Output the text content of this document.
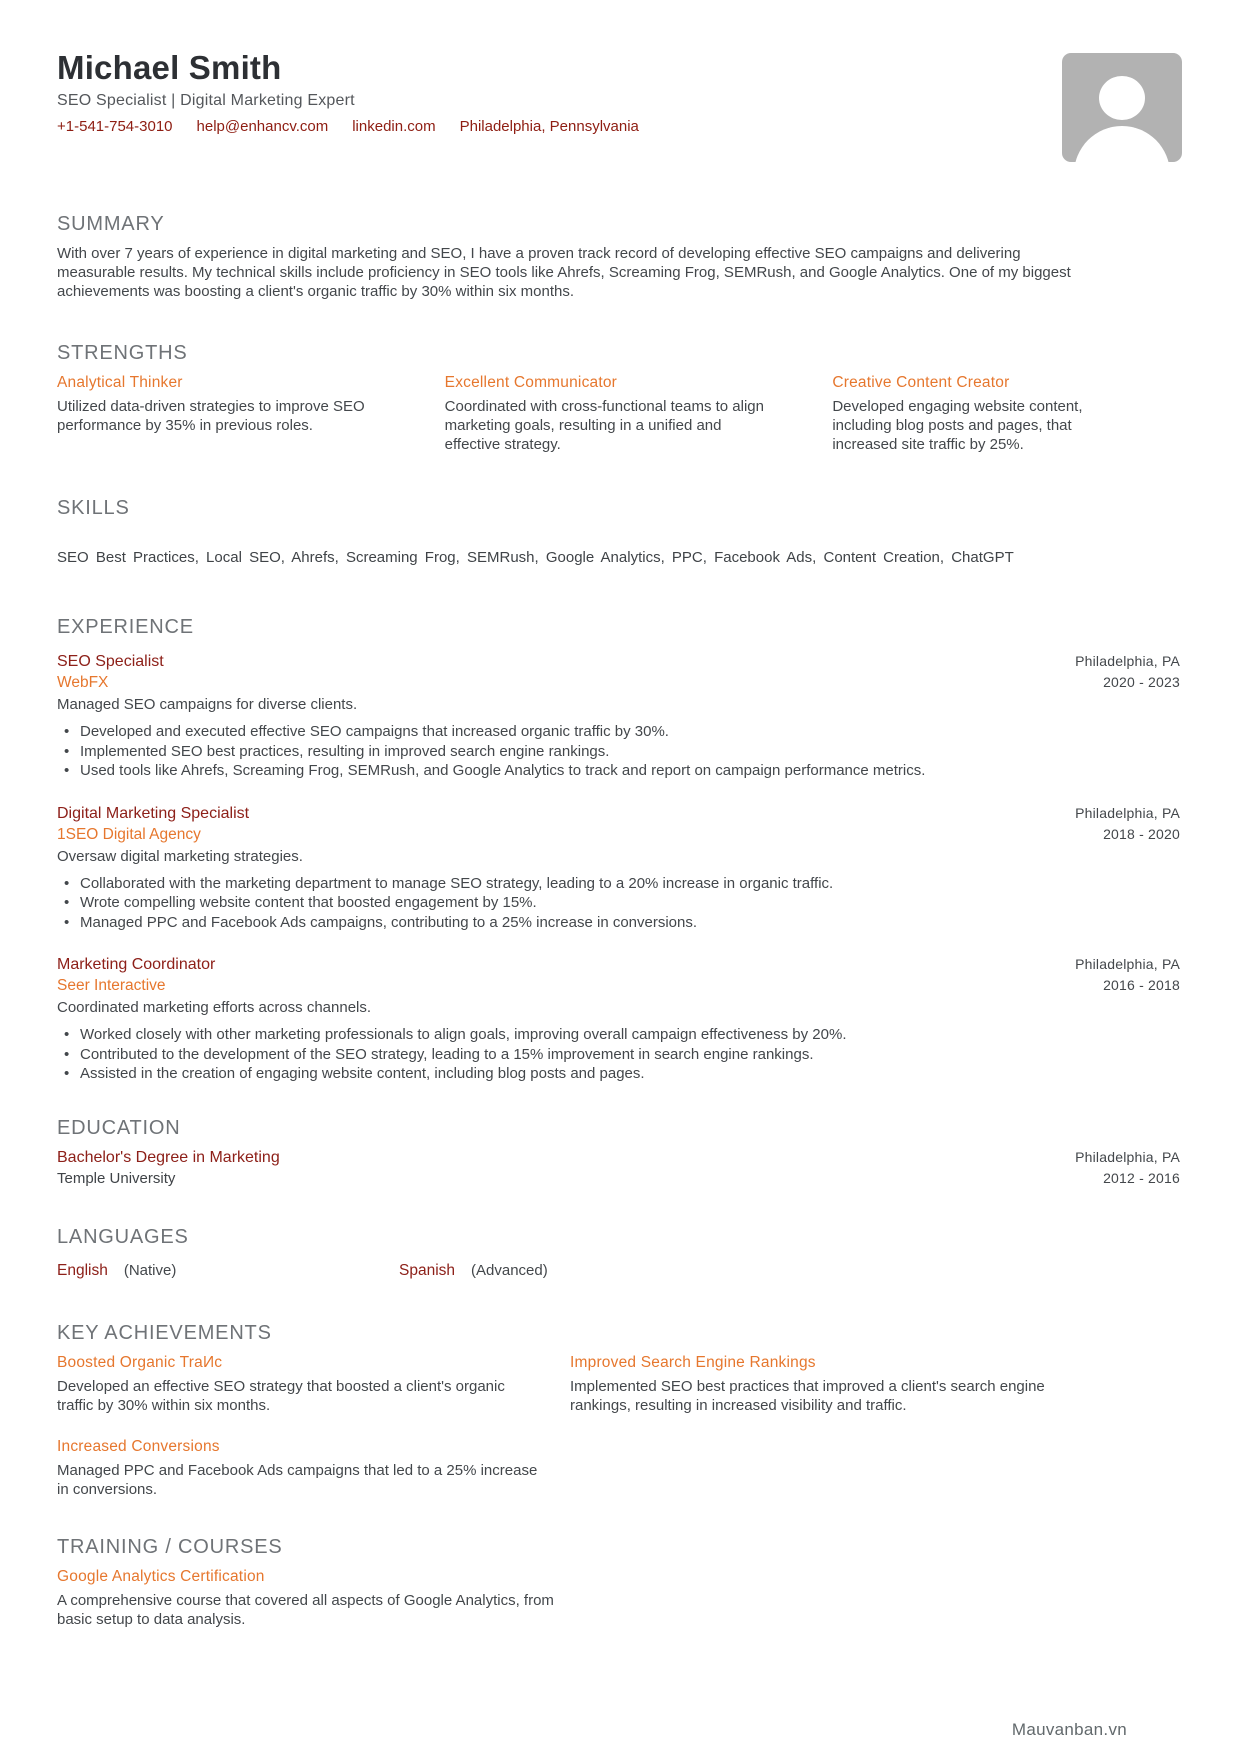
Michael Smith
SEO Specialist | Digital Marketing Expert
+1-541-754-3010 help@enhancv.com linkedin.com Philadelphia, Pennsylvania
SUMMARY

With over 7 years of experience in digital marketing and SEO, I have a proven track record of developing effective SEO campaigns and delivering measurable results. My technical skills include proficiency in SEO tools like Ahrefs, Screaming Frog, SEMRush, and Google Analytics. One of my biggest achievements was boosting a client's organic traffic by 30% within six months.

STRENGTHS
Analytical Thinker
Utilized data-driven strategies to improve SEO performance by 35% in previous roles.
Excellent Communicator
Coordinated with cross-functional teams to align marketing goals, resulting in a unified and effective strategy.
Creative Content Creator
Developed engaging website content, including blog posts and pages, that increased site traffic by 25%.
SKILLS
SEO Best Practices, Local SEO, Ahrefs, Screaming Frog, SEMRush, Google Analytics, PPC, Facebook Ads, Content Creation, ChatGPT
EXPERIENCE
SEO Specialist	Philadelphia, PA
WebFX	2020 - 2023

Managed SEO campaigns for diverse clients.

• Developed and executed effective SEO campaigns that increased organic traffic by 30%.
• Implemented SEO best practices, resulting in improved search engine rankings.
• Used tools like Ahrefs, Screaming Frog, SEMRush, and Google Analytics to track and report on campaign performance metrics.
Digital Marketing Specialist	Philadelphia, PA
1SEO Digital Agency	2018 - 2020

Oversaw digital marketing strategies.

• Collaborated with the marketing department to manage SEO strategy, leading to a 20% increase in organic traffic.
• Wrote compelling website content that boosted engagement by 15%.
• Managed PPC and Facebook Ads campaigns, contributing to a 25% increase in conversions.
Marketing Coordinator	Philadelphia, PA
Seer Interactive	2016 - 2018

Coordinated marketing efforts across channels.

• Worked closely with other marketing professionals to align goals, improving overall campaign effectiveness by 20%.
• Contributed to the development of the SEO strategy, leading to a 15% improvement in search engine rankings.
• Assisted in the creation of engaging website content, including blog posts and pages.
EDUCATION
Bachelor's Degree in Marketing	Philadelphia, PA
Temple University	2012 - 2016
LANGUAGES
English (Native)	Spanish (Advanced)
KEY ACHIEVEMENTS
Boosted Organic TraИc
Developed an effective SEO strategy that boosted a client's organic traffic by 30% within six months.
Improved Search Engine Rankings
Implemented SEO best practices that improved a client's search engine rankings, resulting in increased visibility and traffic.
Increased Conversions
Managed PPC and Facebook Ads campaigns that led to a 25% increase in conversions.
TRAINING / COURSES
Google Analytics Certification
A comprehensive course that covered all aspects of Google Analytics, from basic setup to data analysis.
Mauvanban.vn
